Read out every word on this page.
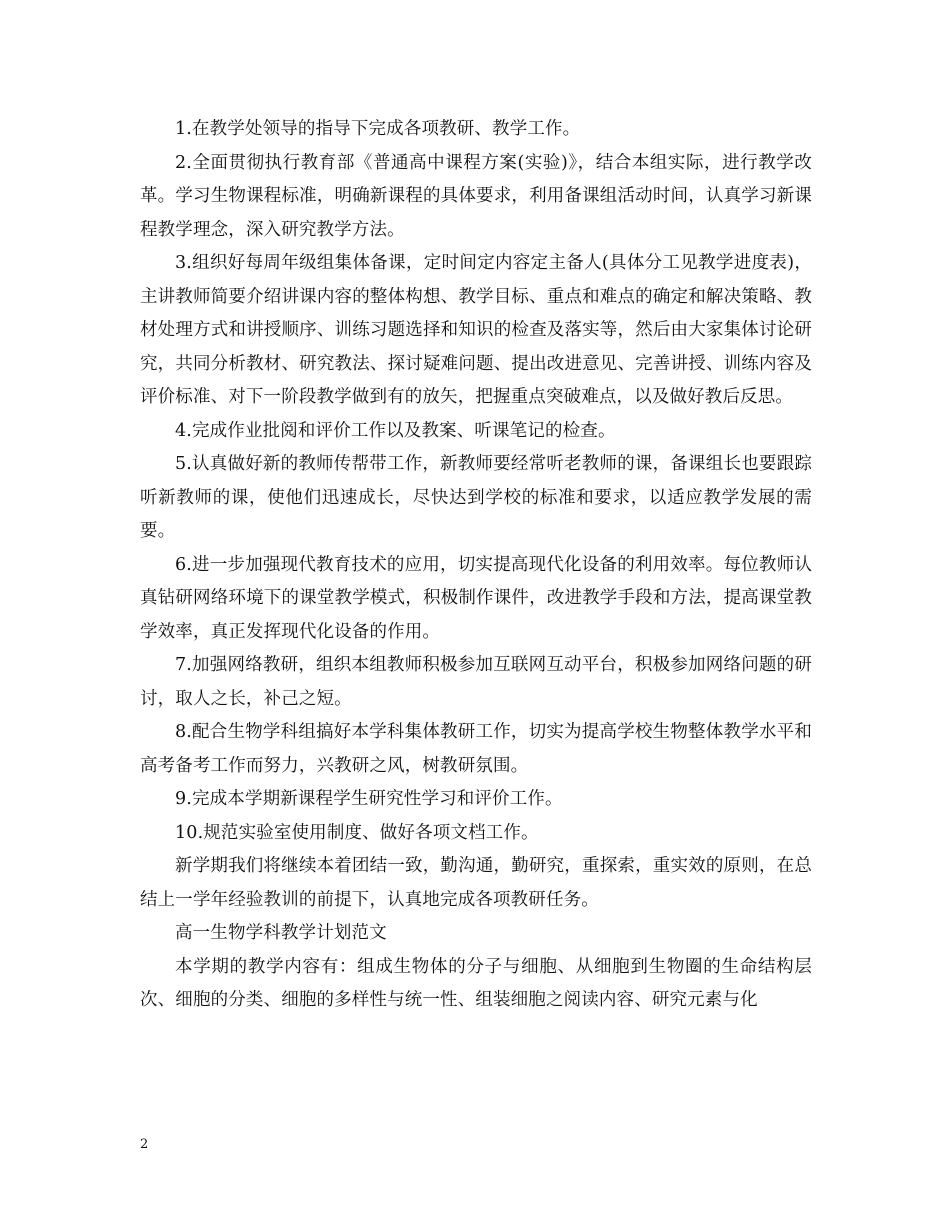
1.在教学处领导的指导下完成各项教研、教学工作。

2.全面贯彻执行教育部《普通高中课程方案(实验)》，结合本组实际，进行教学改革。学习生物课程标准，明确新课程的具体要求，利用备课组活动时间，认真学习新课程教学理念，深入研究教学方法。

3.组织好每周年级组集体备课，定时间定内容定主备人(具体分工见教学进度表)，主讲教师简要介绍讲课内容的整体构想、教学目标、重点和难点的确定和解决策略、教材处理方式和讲授顺序、训练习题选择和知识的检查及落实等，然后由大家集体讨论研究，共同分析教材、研究教法、探讨疑难问题、提出改进意见、完善讲授、训练内容及评价标准、对下一阶段教学做到有的放矢，把握重点突破难点，以及做好教后反思。

4.完成作业批阅和评价工作以及教案、听课笔记的检查。

5.认真做好新的教师传帮带工作，新教师要经常听老教师的课，备课组长也要跟踪听新教师的课，使他们迅速成长，尽快达到学校的标准和要求，以适应教学发展的需要。

6.进一步加强现代教育技术的应用，切实提高现代化设备的利用效率。每位教师认真钻研网络环境下的课堂教学模式，积极制作课件，改进教学手段和方法，提高课堂教学效率，真正发挥现代化设备的作用。

7.加强网络教研，组织本组教师积极参加互联网互动平台，积极参加网络问题的研讨，取人之长，补己之短。

8.配合生物学科组搞好本学科集体教研工作，切实为提高学校生物整体教学水平和高考备考工作而努力，兴教研之风，树教研氛围。

9.完成本学期新课程学生研究性学习和评价工作。

10.规范实验室使用制度、做好各项文档工作。

新学期我们将继续本着团结一致，勤沟通，勤研究，重探索，重实效的原则，在总结上一学年经验教训的前提下，认真地完成各项教研任务。

高一生物学科教学计划范文

本学期的教学内容有：组成生物体的分子与细胞、从细胞到生物圈的生命结构层次、细胞的分类、细胞的多样性与统一性、组装细胞之阅读内容、研究元素与化

2
